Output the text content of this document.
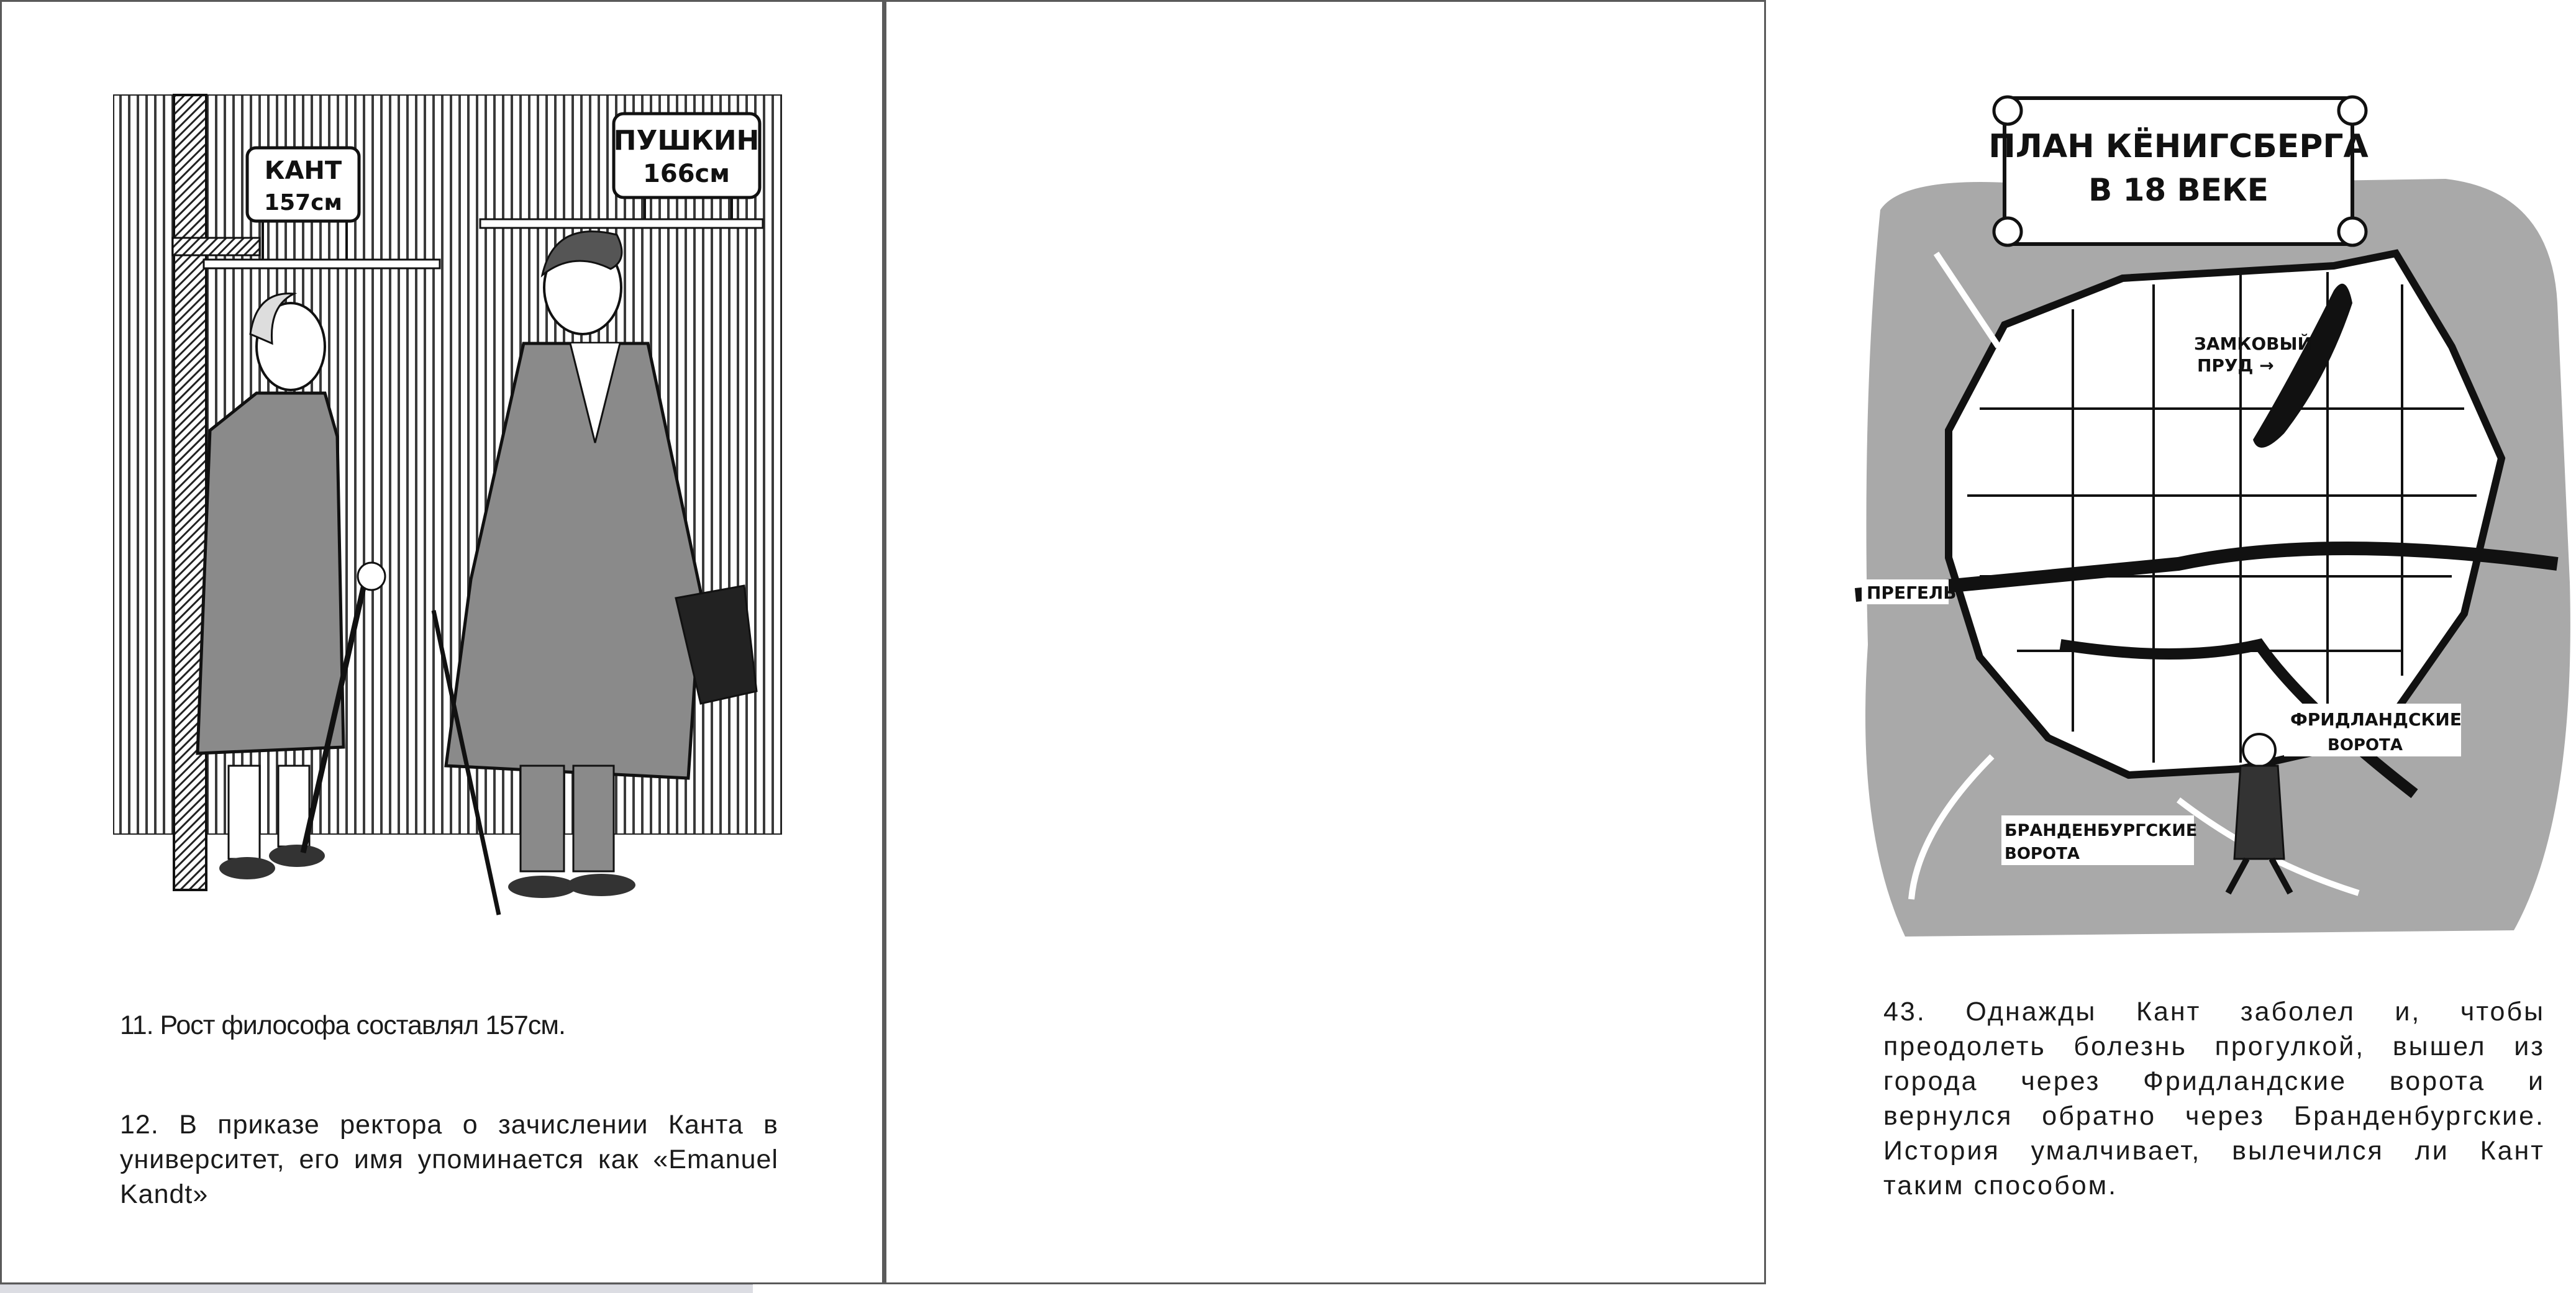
КАНТ
157см
ПУШКИН
166см
11. Рост философа составлял 157см.
12. В приказе ректора о зачислении Канта в университет, его имя упоминается как «Emanuel Kandt»
ПЛАН КЁНИГСБЕРГА
В 18 ВЕКЕ
ЗАМКОВЫЙ
ПРУД →
ПРЕГЕЛЬ
ФРИДЛАНДСКИЕ
ВОРОТА
БРАНДЕНБУРГСКИЕ
ВОРОТА
43. Однажды Кант заболел и, чтобы преодолеть болезнь прогулкой, вышел из города через Фридландские ворота и вернулся обратно через Бранденбургские. История умалчивает, вылечился ли Кант таким способом.
